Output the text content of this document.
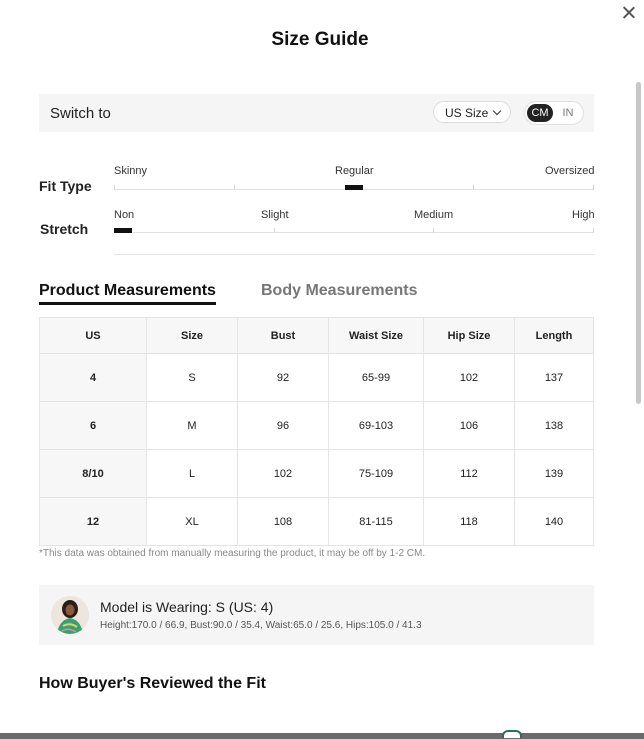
Size Guide
Switch to	US Size	CM	IN
Fit Type
Skinny	Regular	Oversized
Stretch
Non	Slight	Medium	High
Product Measurements	Body Measurements
US	Size	Bust	Waist Size	Hip Size	Length
4	S	92	65-99	102	137
6	M	96	69-103	106	138
8/10	L	102	75-109	112	139
12	XL	108	81-115	118	140
*This data was obtained from manually measuring the product, it may be off by 1-2 CM.
Model is Wearing: S (US: 4)
Height:170.0 / 66.9, Bust:90.0 / 35.4, Waist:65.0 / 25.6, Hips:105.0 / 41.3
How Buyer's Reviewed the Fit
